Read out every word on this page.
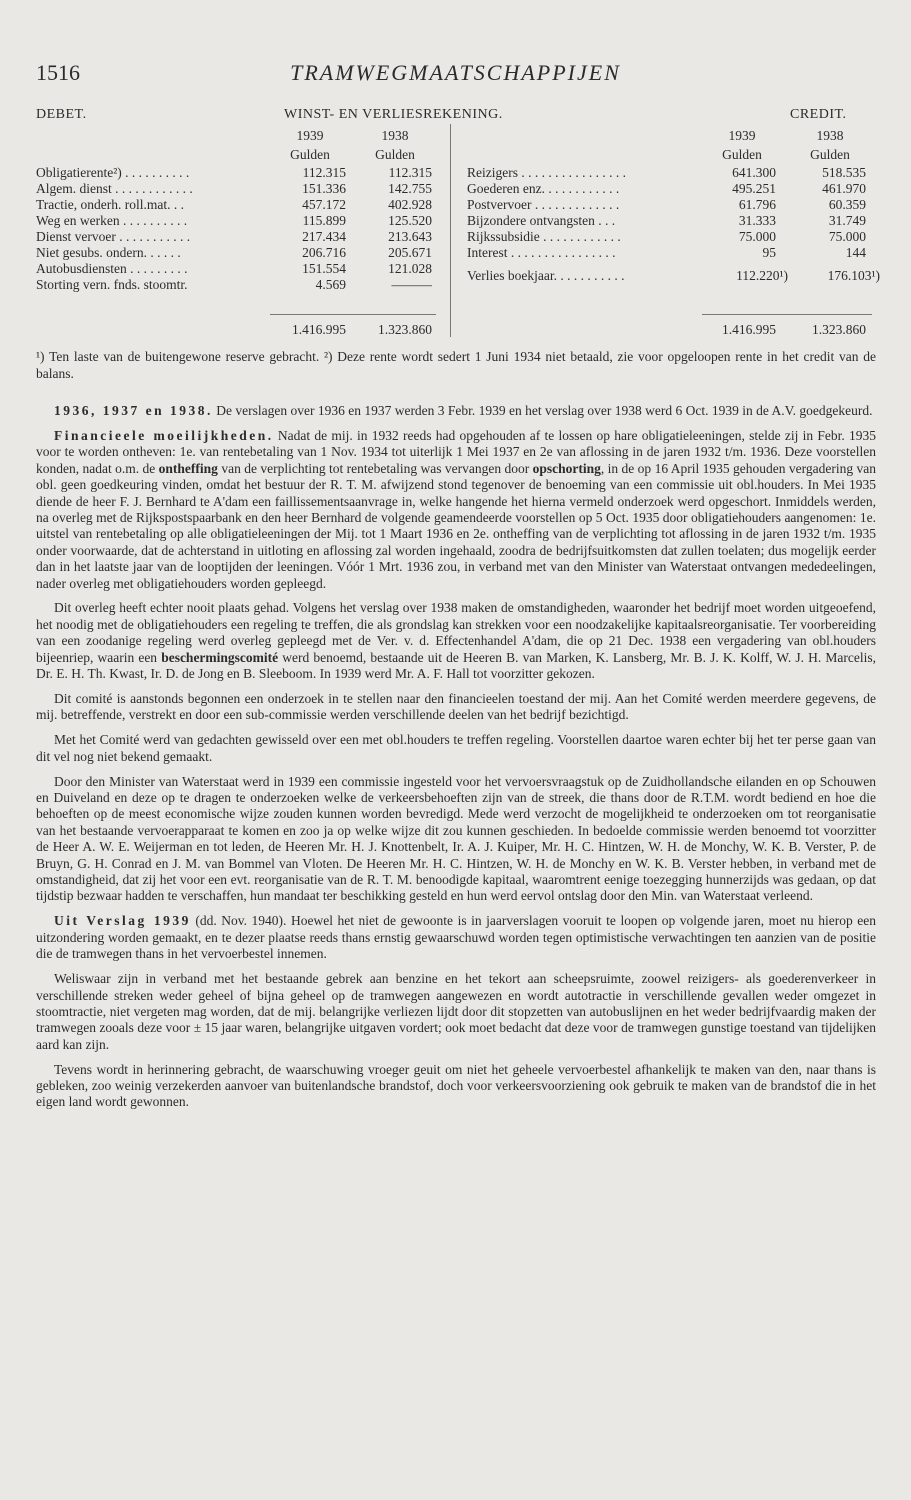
1516	TRAMWEGMAATSCHAPPIJEN
DEBET.	WINST- EN VERLIESREKENING.	CREDIT.
1939	1938
Gulden	Gulden
1939	1938
Gulden	Gulden
Obligatierente²) . . . . . . . . . .	112.315	112.315
Algem. dienst . . . . . . . . . . . .	151.336	142.755
Tractie, onderh. roll.mat. . .	457.172	402.928
Weg en werken . . . . . . . . . .	115.899	125.520
Dienst vervoer . . . . . . . . . . .	217.434	213.643
Niet gesubs. ondern. . . . . .	206.716	205.671
Autobusdiensten . . . . . . . . .	151.554	121.028
Storting vern. fnds. stoomtr.	4.569	———
Reizigers . . . . . . . . . . . . . . . .	641.300	518.535
Goederen enz. . . . . . . . . . . .	495.251	461.970
Postvervoer . . . . . . . . . . . . .	61.796	60.359
Bijzondere ontvangsten . . .	31.333	31.749
Rijkssubsidie . . . . . . . . . . . .	75.000	75.000
Interest . . . . . . . . . . . . . . . .	95	144
Verlies boekjaar. . . . . . . . . . .	112.220¹)	176.103¹)
1.416.995	1.323.860	1.416.995	1.323.860
¹) Ten laste van de buitengewone reserve gebracht. ²) Deze rente wordt sedert 1 Juni 1934 niet betaald, zie voor opgeloopen rente in het credit van de balans.

1936, 1937 en 1938. De verslagen over 1936 en 1937 werden 3 Febr. 1939 en het verslag over 1938 werd 6 Oct. 1939 in de A.V. goedgekeurd.

Financieele moeilijkheden. Nadat de mij. in 1932 reeds had opgehouden af te lossen op hare obligatieleeningen, stelde zij in Febr. 1935 voor te worden ontheven: 1e. van rentebetaling van 1 Nov. 1934 tot uiterlijk 1 Mei 1937 en 2e van aflossing in de jaren 1932 t/m. 1936. Deze voorstellen konden, nadat o.m. de ontheffing van de verplichting tot rentebetaling was vervangen door opschorting, in de op 16 April 1935 gehouden vergadering van obl. geen goedkeuring vinden, omdat het bestuur der R. T. M. afwijzend stond tegenover de benoeming van een commissie uit obl.houders. In Mei 1935 diende de heer F. J. Bernhard te A'dam een faillissementsaanvrage in, welke hangende het hierna vermeld onderzoek werd opgeschort. Inmiddels werden, na overleg met de Rijkspostspaarbank en den heer Bernhard de volgende geamendeerde voorstellen op 5 Oct. 1935 door obligatiehouders aangenomen: 1e. uitstel van rentebetaling op alle obligatieleeningen der Mij. tot 1 Maart 1936 en 2e. ontheffing van de verplichting tot aflossing in de jaren 1932 t/m. 1935 onder voorwaarde, dat de achterstand in uitloting en aflossing zal worden ingehaald, zoodra de bedrijfsuitkomsten dat zullen toelaten; dus mogelijk eerder dan in het laatste jaar van de looptijden der leeningen. Vóór 1 Mrt. 1936 zou, in verband met van den Minister van Waterstaat ontvangen mededeelingen, nader overleg met obligatiehouders worden gepleegd.

Dit overleg heeft echter nooit plaats gehad. Volgens het verslag over 1938 maken de omstandigheden, waaronder het bedrijf moet worden uitgeoefend, het noodig met de obligatiehouders een regeling te treffen, die als grondslag kan strekken voor een noodzakelijke kapitaalsreorganisatie. Ter voorbereiding van een zoodanige regeling werd overleg gepleegd met de Ver. v. d. Effectenhandel A'dam, die op 21 Dec. 1938 een vergadering van obl.houders bijeenriep, waarin een beschermingscomité werd benoemd, bestaande uit de Heeren B. van Marken, K. Lansberg, Mr. B. J. K. Kolff, W. J. H. Marcelis, Dr. E. H. Th. Kwast, Ir. D. de Jong en B. Sleeboom. In 1939 werd Mr. A. F. Hall tot voorzitter gekozen.

Dit comité is aanstonds begonnen een onderzoek in te stellen naar den financieelen toestand der mij. Aan het Comité werden meerdere gegevens, de mij. betreffende, verstrekt en door een sub-commissie werden verschillende deelen van het bedrijf bezichtigd.

Met het Comité werd van gedachten gewisseld over een met obl.houders te treffen regeling. Voorstellen daartoe waren echter bij het ter perse gaan van dit vel nog niet bekend gemaakt.

Door den Minister van Waterstaat werd in 1939 een commissie ingesteld voor het vervoersvraagstuk op de Zuidhollandsche eilanden en op Schouwen en Duiveland en deze op te dragen te onderzoeken welke de verkeersbehoeften zijn van de streek, die thans door de R.T.M. wordt bediend en hoe die behoeften op de meest economische wijze zouden kunnen worden bevredigd. Mede werd verzocht de mogelijkheid te onderzoeken om tot reorganisatie van het bestaande vervoerapparaat te komen en zoo ja op welke wijze dit zou kunnen geschieden. In bedoelde commissie werden benoemd tot voorzitter de Heer A. W. E. Weijerman en tot leden, de Heeren Mr. H. J. Knottenbelt, Ir. A. J. Kuiper, Mr. H. C. Hintzen, W. H. de Monchy, W. K. B. Verster, P. de Bruyn, G. H. Conrad en J. M. van Bommel van Vloten. De Heeren Mr. H. C. Hintzen, W. H. de Monchy en W. K. B. Verster hebben, in verband met de omstandigheid, dat zij het voor een evt. reorganisatie van de R. T. M. benoodigde kapitaal, waaromtrent eenige toezegging hunnerzijds was gedaan, op dat tijdstip bezwaar hadden te verschaffen, hun mandaat ter beschikking gesteld en hun werd eervol ontslag door den Min. van Waterstaat verleend.

Uit Verslag 1939 (dd. Nov. 1940). Hoewel het niet de gewoonte is in jaarverslagen vooruit te loopen op volgende jaren, moet nu hierop een uitzondering worden gemaakt, en te dezer plaatse reeds thans ernstig gewaarschuwd worden tegen optimistische verwachtingen ten aanzien van de positie die de tramwegen thans in het vervoerbestel innemen.

Weliswaar zijn in verband met het bestaande gebrek aan benzine en het tekort aan scheepsruimte, zoowel reizigers- als goederenverkeer in verschillende streken weder geheel of bijna geheel op de tramwegen aangewezen en wordt autotractie in verschillende gevallen weder omgezet in stoomtractie, niet vergeten mag worden, dat de mij. belangrijke verliezen lijdt door dit stopzetten van autobuslijnen en het weder bedrijfvaardig maken der tramwegen zooals deze voor ± 15 jaar waren, belangrijke uitgaven vordert; ook moet bedacht dat deze voor de tramwegen gunstige toestand van tijdelijken aard kan zijn.

Tevens wordt in herinnering gebracht, de waarschuwing vroeger geuit om niet het geheele vervoerbestel afhankelijk te maken van den, naar thans is gebleken, zoo weinig verzekerden aanvoer van buitenlandsche brandstof, doch voor verkeersvoorziening ook gebruik te maken van de brandstof die in het eigen land wordt gewonnen.
